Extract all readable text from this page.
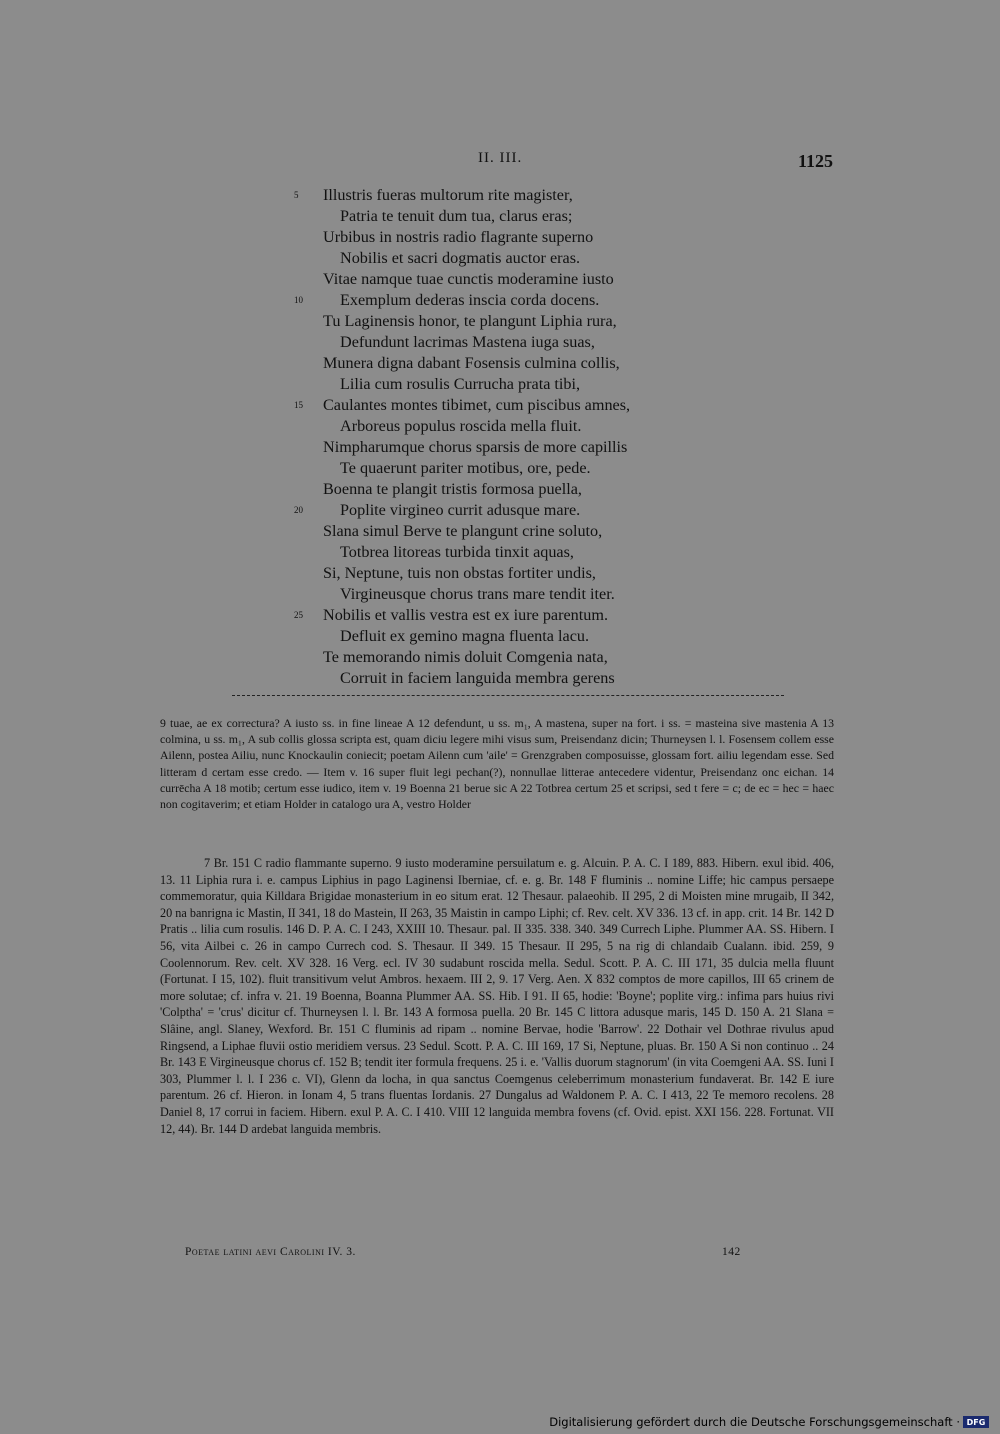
II. III.	1125
5 Illustris fueras multorum rite magister,
Patria te tenuit dum tua, clarus eras;
Urbibus in nostris radio flagrante superno
Nobilis et sacri dogmatis auctor eras.
Vitae namque tuae cunctis moderamine iusto
10 Exemplum dederas inscia corda docens.
Tu Laginensis honor, te plangunt Liphia rura,
Defundunt lacrimas Mastena iuga suas,
Munera digna dabant Fosensis culmina collis,
Lilia cum rosulis Curruchа prata tibi,
15 Caulantes montes tibimet, cum piscibus amnes,
Arboreus populus roscida mella fluit.
Nimpharumque chorus sparsis de more capillis
Te quaerunt pariter motibus, ore, pede.
Boenna te plangit tristis formosa puella,
20 Poplite virgineo currit adusque mare.
Slana simul Berve te plangunt crine soluto,
Totbrea litoreas turbida tinxit aquas,
Si, Neptune, tuis non obstas fortiter undis,
Virgineusque chorus trans mare tendit iter.
25 Nobilis et vallis vestra est ex iure parentum.
Defluit ex gemino magna fluenta lacu.
Te memorando nimis doluit Comgenia nata,
Corruit in faciem languida membra gerens

9 tuae, ae ex correctura? A iusto ss. in fine lineae A 12 defendunt, u ss. m₁, A mastena, super na fort. i ss. = masteina sive mastenia A 13 colmina, u ss. m₁, A sub collis glossa scripta est, quam diciu legere mihi visus sum, Preisendanz dicin; Thurneysen l. l. Fosensem collem esse Ailenn, postea Ailiu, nunc Knockaulin coniecit; poetam Ailenn cum 'aile' = Grenzgraben composuisse, glossam fort. ailiu legendam esse. Sed litteram d certam esse credo. — Item v. 16 super fluit legi pechan(?), nonnullae litterae antecedere videntur, Preisendanz onc eichan. 14 currēcha A 18 motib; certum esse iudico, item v. 19 Boenna 21 berue sic A 22 Totbrea certum 25 et scripsi, sed t fere = c; de ec = hec = haec non cogitaverim; et etiam Holder in catalogo ura A, vestro Holder

7 Br. 151 C radio flammante superno. 9 iusto moderamine persuilatum e. g. Alcuin. P. A. C. I 189, 883. Hibern. exul ibid. 406, 13. 11 Liphia rura i. e. campus Liphius in pago Laginensi Iberniae, cf. e. g. Br. 148 F fluminis .. nomine Liffe; hic campus persaepe commemoratur, quia Killdara Brigidae monasterium in eo situm erat. 12 Thesaur. palaeohib. II 295, 2 di Moisten mine mrugaib, II 342, 20 na banrigna ic Mastin, II 341, 18 do Mastein, II 263, 35 Maistin in campo Liphi; cf. Rev. celt. XV 336. 13 cf. in app. crit. 14 Br. 142 D Pratis .. lilia cum rosulis. 146 D. P. A. C. I 243, XXIII 10. Thesaur. pal. II 335. 338. 340. 349 Currech Liphe. Plummer AA. SS. Hibern. I 56, vita Ailbei c. 26 in campo Currech cod. S. Thesaur. II 349. 15 Thesaur. II 295, 5 na rig di chlandaib Cualann. ibid. 259, 9 Coolennorum. Rev. celt. XV 328. 16 Verg. ecl. IV 30 sudabunt roscida mella. Sedul. Scott. P. A. C. III 171, 35 dulcia mella fluunt (Fortunat. I 15, 102). fluit transitivum velut Ambros. hexaem. III 2, 9. 17 Verg. Aen. X 832 comptos de more capillos, III 65 crinem de more solutae; cf. infra v. 21. 19 Boenna, Boanna Plummer AA. SS. Hib. I 91. II 65, hodie: 'Boyne'; poplite virg.: infima pars huius rivi 'Colptha' = 'crus' dicitur cf. Thurneysen l. l. Br. 143 A formosa puella. 20 Br. 145 C littora adusque maris, 145 D. 150 A. 21 Slana = Slâine, angl. Slaney, Wexford. Br. 151 C fluminis ad ripam .. nomine Bervae, hodie 'Barrow'. 22 Dothair vel Dothrae rivulus apud Ringsend, a Liphae fluvii ostio meridiem versus. 23 Sedul. Scott. P. A. C. III 169, 17 Si, Neptune, pluas. Br. 150 A Si non continuo .. 24 Br. 143 E Virgineusque chorus cf. 152 B; tendit iter formula frequens. 25 i. e. 'Vallis duorum stagnorum' (in vita Coemgeni AA. SS. Iuni I 303, Plummer l. l. I 236 c. VI), Glenn da locha, in qua sanctus Coemgenus celeberrimum monasterium fundaverat. Br. 142 E iure parentum. 26 cf. Hieron. in Ionam 4, 5 trans fluentas Iordanis. 27 Dungalus ad Waldonem P. A. C. I 413, 22 Te memoro recolens. 28 Daniel 8, 17 corrui in faciem. Hibern. exul P. A. C. I 410. VIII 12 languida membra fovens (cf. Ovid. epist. XXI 156. 228. Fortunat. VII 12, 44). Br. 144 D ardebat languida membris.

Poetae latini aevi Carolini IV. 3.	142
Digitalisierung gefördert durch die Deutsche Forschungsgemeinschaft · DFG
